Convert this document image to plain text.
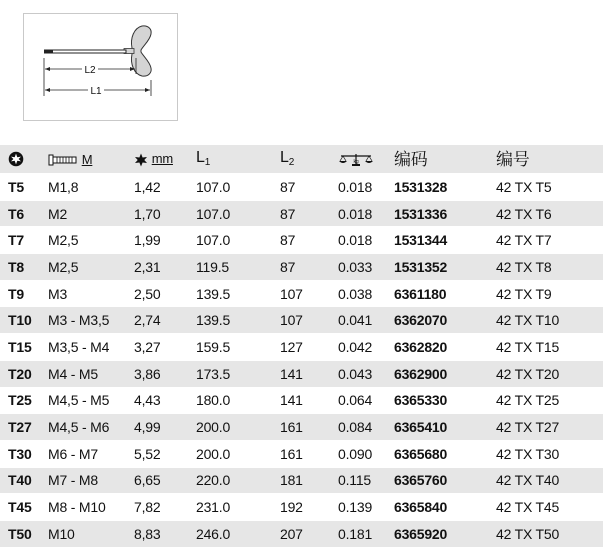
L2
L1
	M	mm	$L_1$	$L_2$	kg	编码	编号
T5	M1,8	1,42	107.0	87	0.018	1531328	42 TX T5
T6	M2	1,70	107.0	87	0.018	1531336	42 TX T6
T7	M2,5	1,99	107.0	87	0.018	1531344	42 TX T7
T8	M2,5	2,31	119.5	87	0.033	1531352	42 TX T8
T9	M3	2,50	139.5	107	0.038	6361180	42 TX T9
T10	M3 - M3,5	2,74	139.5	107	0.041	6362070	42 TX T10
T15	M3,5 - M4	3,27	159.5	127	0.042	6362820	42 TX T15
T20	M4 - M5	3,86	173.5	141	0.043	6362900	42 TX T20
T25	M4,5 - M5	4,43	180.0	141	0.064	6365330	42 TX T25
T27	M4,5 - M6	4,99	200.0	161	0.084	6365410	42 TX T27
T30	M6 - M7	5,52	200.0	161	0.090	6365680	42 TX T30
T40	M7 - M8	6,65	220.0	181	0.115	6365760	42 TX T40
T45	M8 - M10	7,82	231.0	192	0.139	6365840	42 TX T45
T50	M10	8,83	246.0	207	0.181	6365920	42 TX T50
